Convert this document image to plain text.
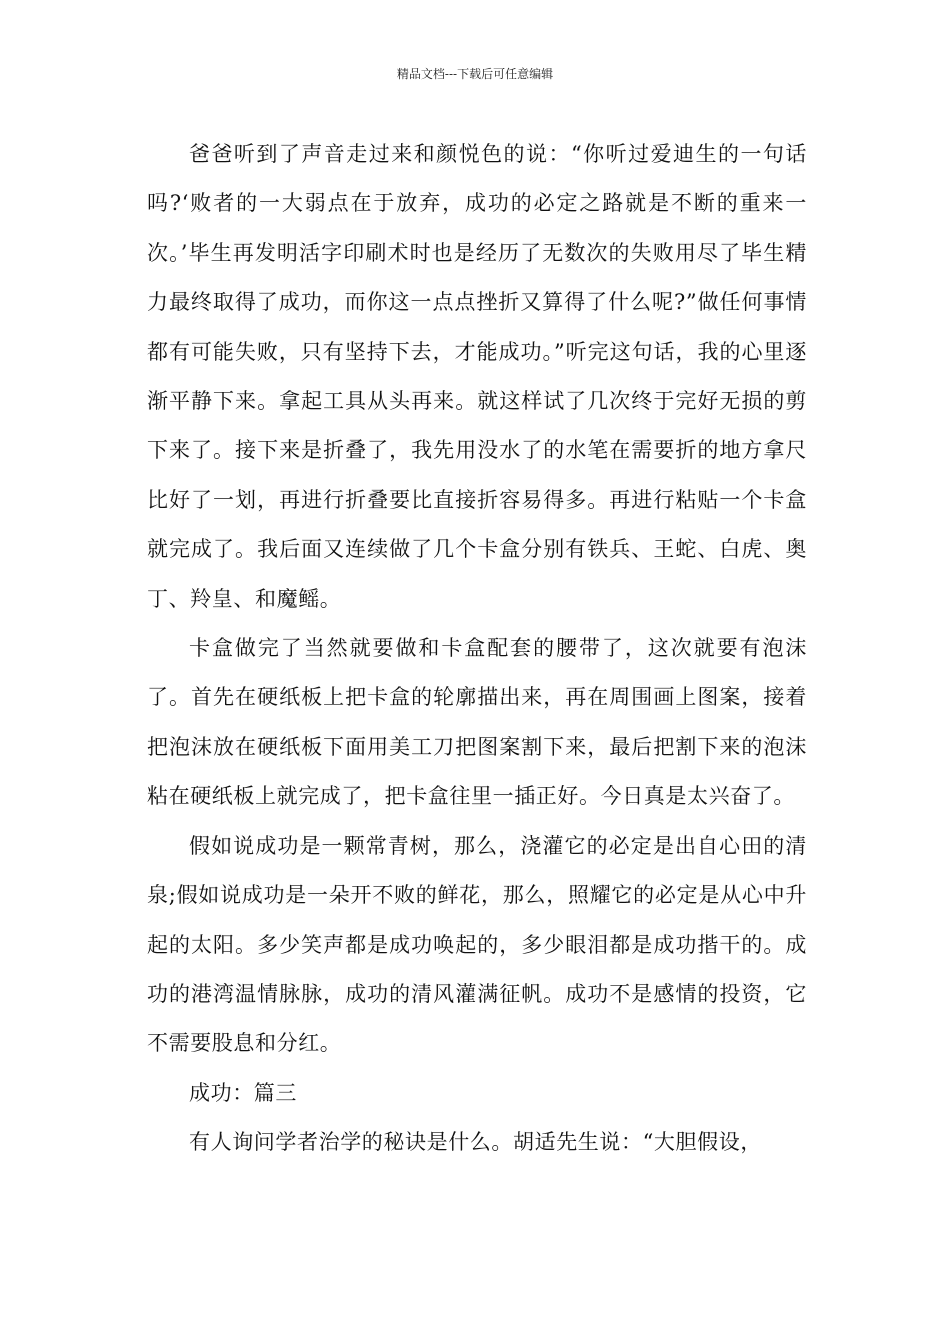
精品文档---下载后可任意编辑

爸爸听到了声音走过来和颜悦色的说：“你听过爱迪生的一句话吗?‘败者的一大弱点在于放弃，成功的必定之路就是不断的重来一次。’毕生再发明活字印刷术时也是经历了无数次的失败用尽了毕生精力最终取得了成功，而你这一点点挫折又算得了什么呢?”做任何事情都有可能失败，只有坚持下去，才能成功。”听完这句话，我的心里逐渐平静下来。拿起工具从头再来。就这样试了几次终于完好无损的剪下来了。接下来是折叠了，我先用没水了的水笔在需要折的地方拿尺比好了一划，再进行折叠要比直接折容易得多。再进行粘贴一个卡盒就完成了。我后面又连续做了几个卡盒分别有铁兵、王蛇、白虎、奥丁、羚皇、和魔鳐。

卡盒做完了当然就要做和卡盒配套的腰带了，这次就要有泡沫了。首先在硬纸板上把卡盒的轮廓描出来，再在周围画上图案，接着把泡沫放在硬纸板下面用美工刀把图案割下来，最后把割下来的泡沫粘在硬纸板上就完成了，把卡盒往里一插正好。今日真是太兴奋了。

假如说成功是一颗常青树，那么，浇灌它的必定是出自心田的清泉;假如说成功是一朵开不败的鲜花，那么，照耀它的必定是从心中升起的太阳。多少笑声都是成功唤起的，多少眼泪都是成功揩干的。成功的港湾温情脉脉，成功的清风灌满征帆。成功不是感情的投资，它不需要股息和分红。

成功：篇三

有人询问学者治学的秘诀是什么。胡适先生说：“大胆假设，
